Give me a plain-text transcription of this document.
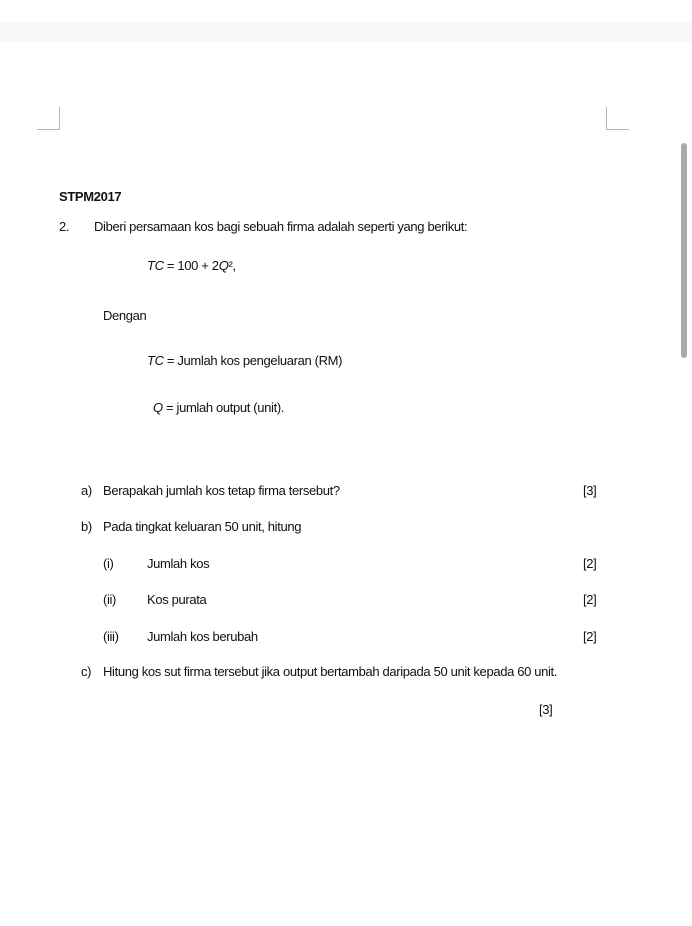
STPM2017
2. Diberi persamaan kos bagi sebuah firma adalah seperti yang berikut:
TC = 100 + 2Q²,
Dengan
TC = Jumlah kos pengeluaran (RM)
Q = jumlah output (unit).
a) Berapakah jumlah kos tetap firma tersebut?	[3]
b) Pada tingkat keluaran 50 unit, hitung
(i)	Jumlah kos	[2]
(ii) Kos purata	[2]
(iii) Jumlah kos berubah	[2]
c) Hitung kos sut firma tersebut jika output bertambah daripada 50 unit kepada 60 unit.
[3]
